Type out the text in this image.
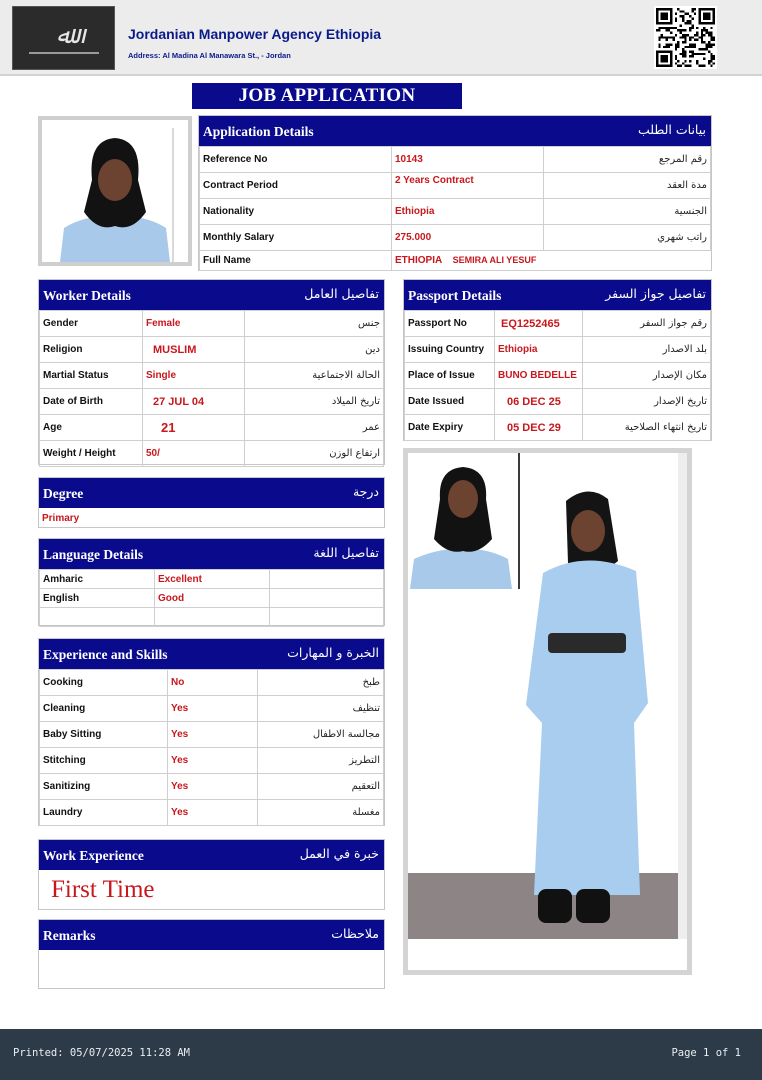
ﷲ	Jordanian Manpower Agency Ethiopia
Address: Al Madina Al Manawara St., - Jordan
JOB APPLICATION
Application Details	بيانات الطلب
Reference No	10143	رقم المرجع
Contract Period	2 Years Contract	مدة العقد
Nationality	Ethiopia	الجنسية
Monthly Salary	275.000	راتب شهري
Full Name	ETHIOPIA SEMIRA ALI YESUF	
Worker Details	تفاصيل العامل
Gender	Female	جنس
Religion	MUSLIM	دين
Martial Status	Single	الحالة الاجتماعية
Date of Birth	27 JUL 04	تاريخ الميلاد
Age	21	عمر
Weight / Height	50/	ارتفاع الوزن
Passport Details	تفاصيل جواز السفر
Passport No	EQ1252465	رقم جواز السفر
Issuing Country	Ethiopia	بلد الاصدار
Place of Issue	BUNO BEDELLE	مكان الإصدار
Date Issued	06 DEC 25	تاريخ الإصدار
Date Expiry	05 DEC 29	تاريخ انتهاء الصلاحية
Degree	درجة
Primary
Language Details	تفاصيل اللغة
Amharic	Excellent	
English	Good	

Experience and Skills	الخبرة و المهارات
Cooking	No	طبخ
Cleaning	Yes	تنظيف
Baby Sitting	Yes	مجالسة الاطفال
Stitching	Yes	التطريز
Sanitizing	Yes	التعقيم
Laundry	Yes	مغسلة
Work Experience	خبرة في العمل
First Time
Remarks	ملاحظات
Printed: 05/07/2025 11:28 AM	Page 1 of 1
